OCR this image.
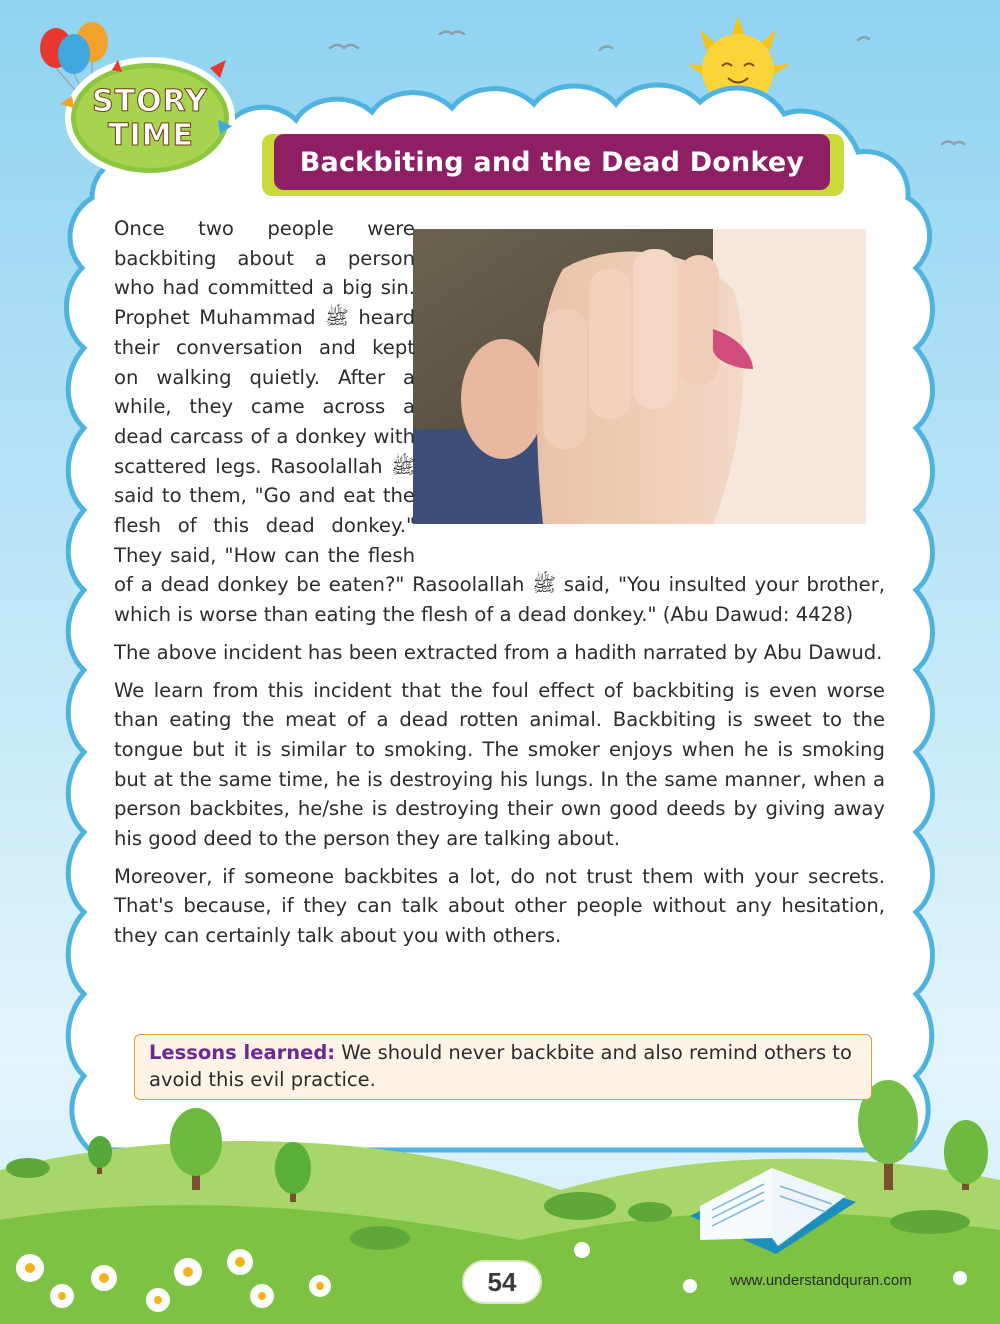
STORY
TIME
Backbiting and the Dead Donkey

Once two people were backbiting about a person who had committed a big sin. Prophet Muhammad ﷺ heard their conversation and kept on walking quietly. After a while, they came across a dead carcass of a donkey with scattered legs. Rasoolallah ﷺ said to them, "Go and eat the flesh of this dead donkey." They said, "How can the flesh of a dead donkey be eaten?" Rasoolallah ﷺ said, "You insulted your brother, which is worse than eating the flesh of a dead donkey." (Abu Dawud: 4428)

The above incident has been extracted from a hadith narrated by Abu Dawud.

We learn from this incident that the foul effect of backbiting is even worse than eating the meat of a dead rotten animal. Backbiting is sweet to the tongue but it is similar to smoking. The smoker enjoys when he is smoking but at the same time, he is destroying his lungs. In the same manner, when a person backbites, he/she is destroying their own good deeds by giving away his good deed to the person they are talking about.

Moreover, if someone backbites a lot, do not trust them with your secrets. That's because, if they can talk about other people without any hesitation, they can certainly talk about you with others.

Lessons learned: We should never backbite and also remind others to avoid this evil practice.
54	www.understandquran.com
